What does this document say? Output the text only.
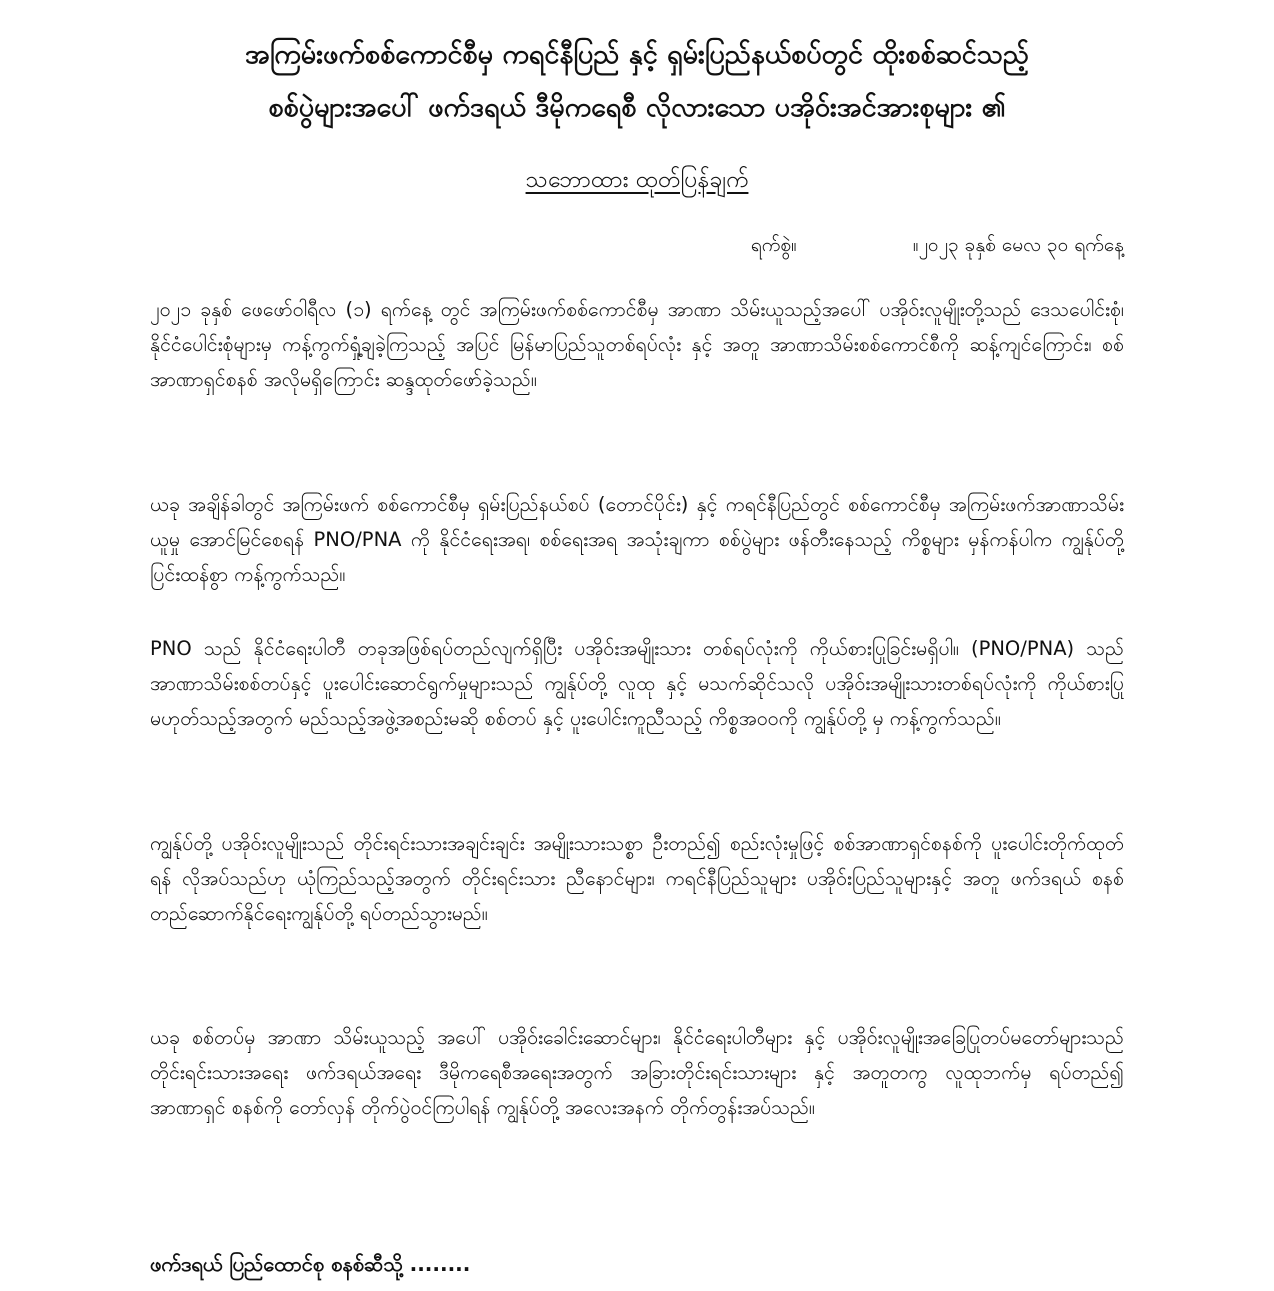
အကြမ်းဖက်စစ်ကောင်စီမှ ကရင်နီပြည် နှင့် ရှမ်းပြည်နယ်စပ်တွင် ထိုးစစ်ဆင်သည့်
စစ်ပွဲများအပေါ် ဖက်ဒရယ် ဒီမိုကရေစီ လိုလားသော ပအိုဝ်းအင်အားစုများ ၏
သဘောထား ထုတ်ပြန်ချက်
ရက်စွဲ။	။၂၀၂၃ ခုနှစ် မေလ ၃၀ ရက်နေ့

၂၀၂၁ ခုနှစ် ဖေဖော်ဝါရီလ (၁) ရက်နေ့ တွင် အကြမ်းဖက်စစ်ကောင်စီမှ အာဏာ သိမ်းယူသည့်အပေါ် ပအိုဝ်းလူမျိုးတို့သည် ဒေသပေါင်းစုံ၊ နိုင်ငံပေါင်းစုံများမှ ကန့်ကွက်ရှုံ့ချခဲ့ကြသည့် အပြင် မြန်မာပြည်သူတစ်ရပ်လုံး နှင့် အတူ အာဏာသိမ်းစစ်ကောင်စီကို ဆန့်ကျင်ကြောင်း၊ စစ်အာဏာရှင်စနစ် အလိုမရှိကြောင်း ဆန္ဒထုတ်ဖော်ခဲ့သည်။

ယခု အချိန်ခါတွင် အကြမ်းဖက် စစ်ကောင်စီမှ ရှမ်းပြည်နယ်စပ် (တောင်ပိုင်း) နှင့် ကရင်နီပြည်တွင် စစ်ကောင်စီမှ အကြမ်းဖက်အာဏာသိမ်းယူမှု အောင်မြင်စေရန် PNO/PNA ကို နိုင်ငံရေးအရ၊ စစ်ရေးအရ အသုံးချကာ စစ်ပွဲများ ဖန်တီးနေသည့် ကိစ္စများ မှန်ကန်ပါက ကျွန်ုပ်တို့ ပြင်းထန်စွာ ကန့်ကွက်သည်။

PNO သည် နိုင်ငံရေးပါတီ တခုအဖြစ်ရပ်တည်လျက်ရှိပြီး ပအိုဝ်းအမျိုးသား တစ်ရပ်လုံးကို ကိုယ်စားပြုခြင်းမရှိပါ။ (PNO/PNA) သည် အာဏာသိမ်းစစ်တပ်နှင့် ပူးပေါင်းဆောင်ရွက်မှုများသည် ကျွန်ုပ်တို့ လူထု နှင့် မသက်ဆိုင်သလို ပအိုဝ်းအမျိုးသားတစ်ရပ်လုံးကို ကိုယ်စားပြု မဟုတ်သည့်အတွက် မည်သည့်အဖွဲ့အစည်းမဆို စစ်တပ် နှင့် ပူးပေါင်းကူညီသည့် ကိစ္စအဝဝကို ကျွန်ုပ်တို့ မှ ကန့်ကွက်သည်။

ကျွန်ုပ်တို့ ပအိုဝ်းလူမျိုးသည် တိုင်းရင်းသားအချင်းချင်း အမျိုးသားသစ္စာ ဦးတည်၍ စည်းလုံးမှုဖြင့် စစ်အာဏာရှင်စနစ်ကို ပူးပေါင်းတိုက်ထုတ်ရန် လိုအပ်သည်ဟု ယုံကြည်သည့်အတွက် တိုင်းရင်းသား ညီနောင်များ၊ ကရင်နီပြည်သူများ ပအိုဝ်းပြည်သူများနှင့် အတူ ဖက်ဒရယ် စနစ် တည်ဆောက်နိုင်ရေးကျွန်ုပ်တို့ ရပ်တည်သွားမည်။

ယခု စစ်တပ်မှ အာဏာ သိမ်းယူသည့် အပေါ် ပအိုဝ်းခေါင်းဆောင်များ၊ နိုင်ငံရေးပါတီများ နှင့် ပအိုဝ်းလူမျိုးအခြေပြုတပ်မတော်များသည် တိုင်းရင်းသားအရေး ဖက်ဒရယ်အရေး ဒီမိုကရေစီအရေးအတွက် အခြားတိုင်းရင်းသားများ နှင့် အတူတကွ လူထုဘက်မှ ရပ်တည်၍ အာဏာရှင် စနစ်ကို တော်လှန် တိုက်ပွဲဝင်ကြပါရန် ကျွန်ုပ်တို့ အလေးအနက် တိုက်တွန်းအပ်သည်။

ဖက်ဒရယ် ပြည်ထောင်စု စနစ်ဆီသို့ ........
